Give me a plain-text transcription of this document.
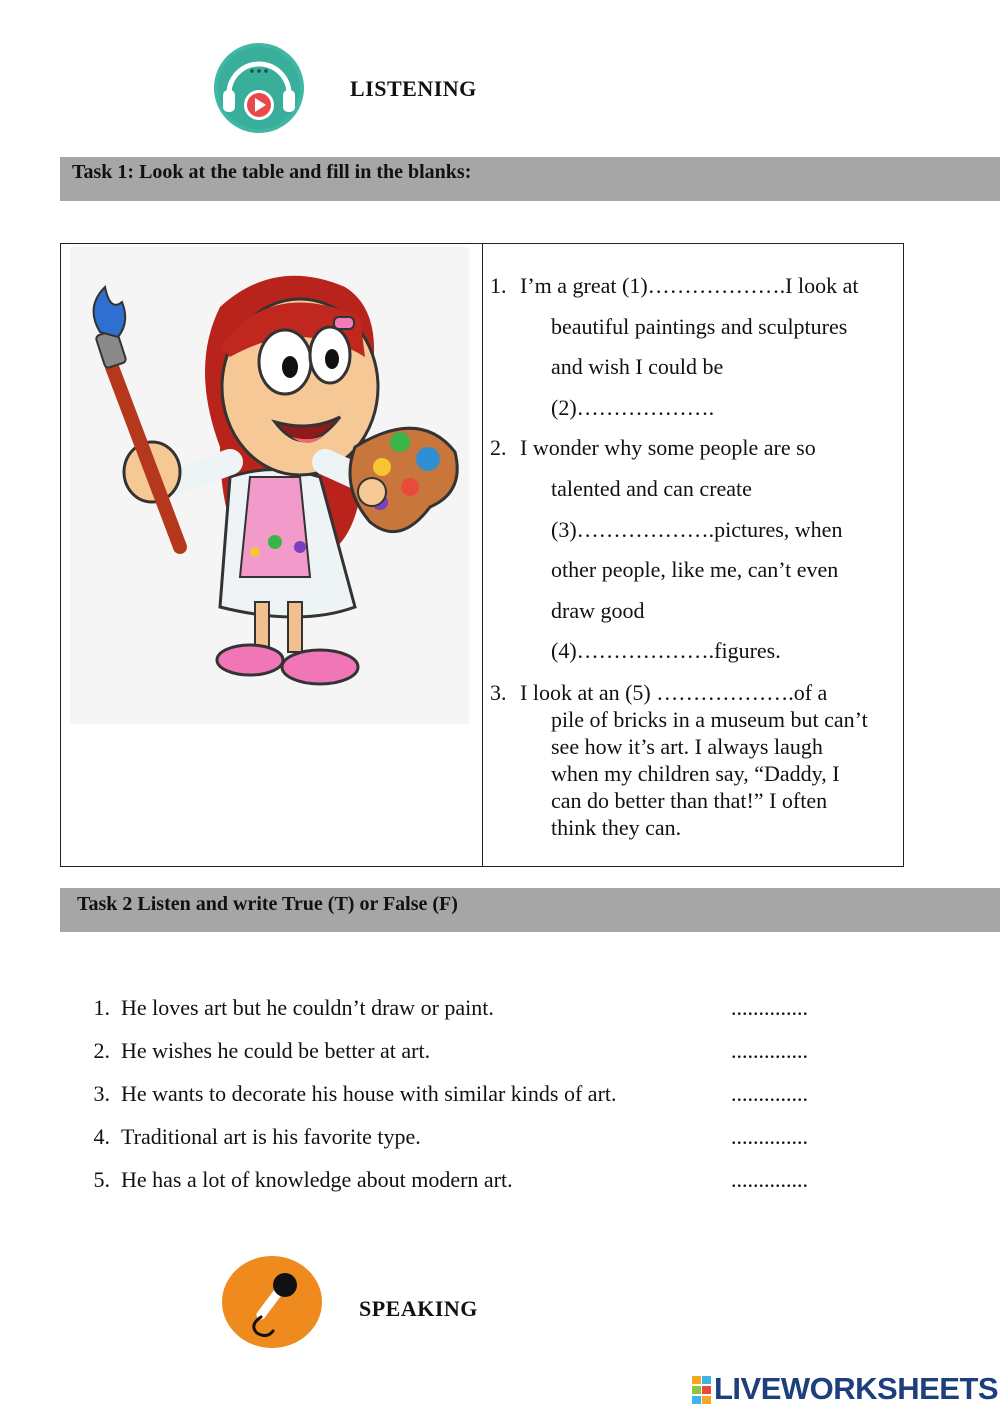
LISTENING
Task 1: Look at the table and fill in the blanks:
1. I’m a great (1)……………….I look at
beautiful paintings and sculptures
and wish I could be
(2)……………….
2. I wonder why some people are so
talented and can create
(3)……………….pictures, when
other people, like me, can’t even
draw good
(4)……………….figures.
3. I look at an (5) ……………….of a
pile of bricks in a museum but can’t
see how it’s art. I always laugh
when my children say, “Daddy, I
can do better than that!” I often
think they can.
Task 2 Listen and write True (T) or False (F)
1. He loves art but he couldn’t draw or paint.	..............
2. He wishes he could be better at art.	..............
3. He wants to decorate his house with similar kinds of art.	..............
4. Traditional art is his favorite type.	..............
5. He has a lot of knowledge about modern art.	..............
SPEAKING
LIVEWORKSHEETS
